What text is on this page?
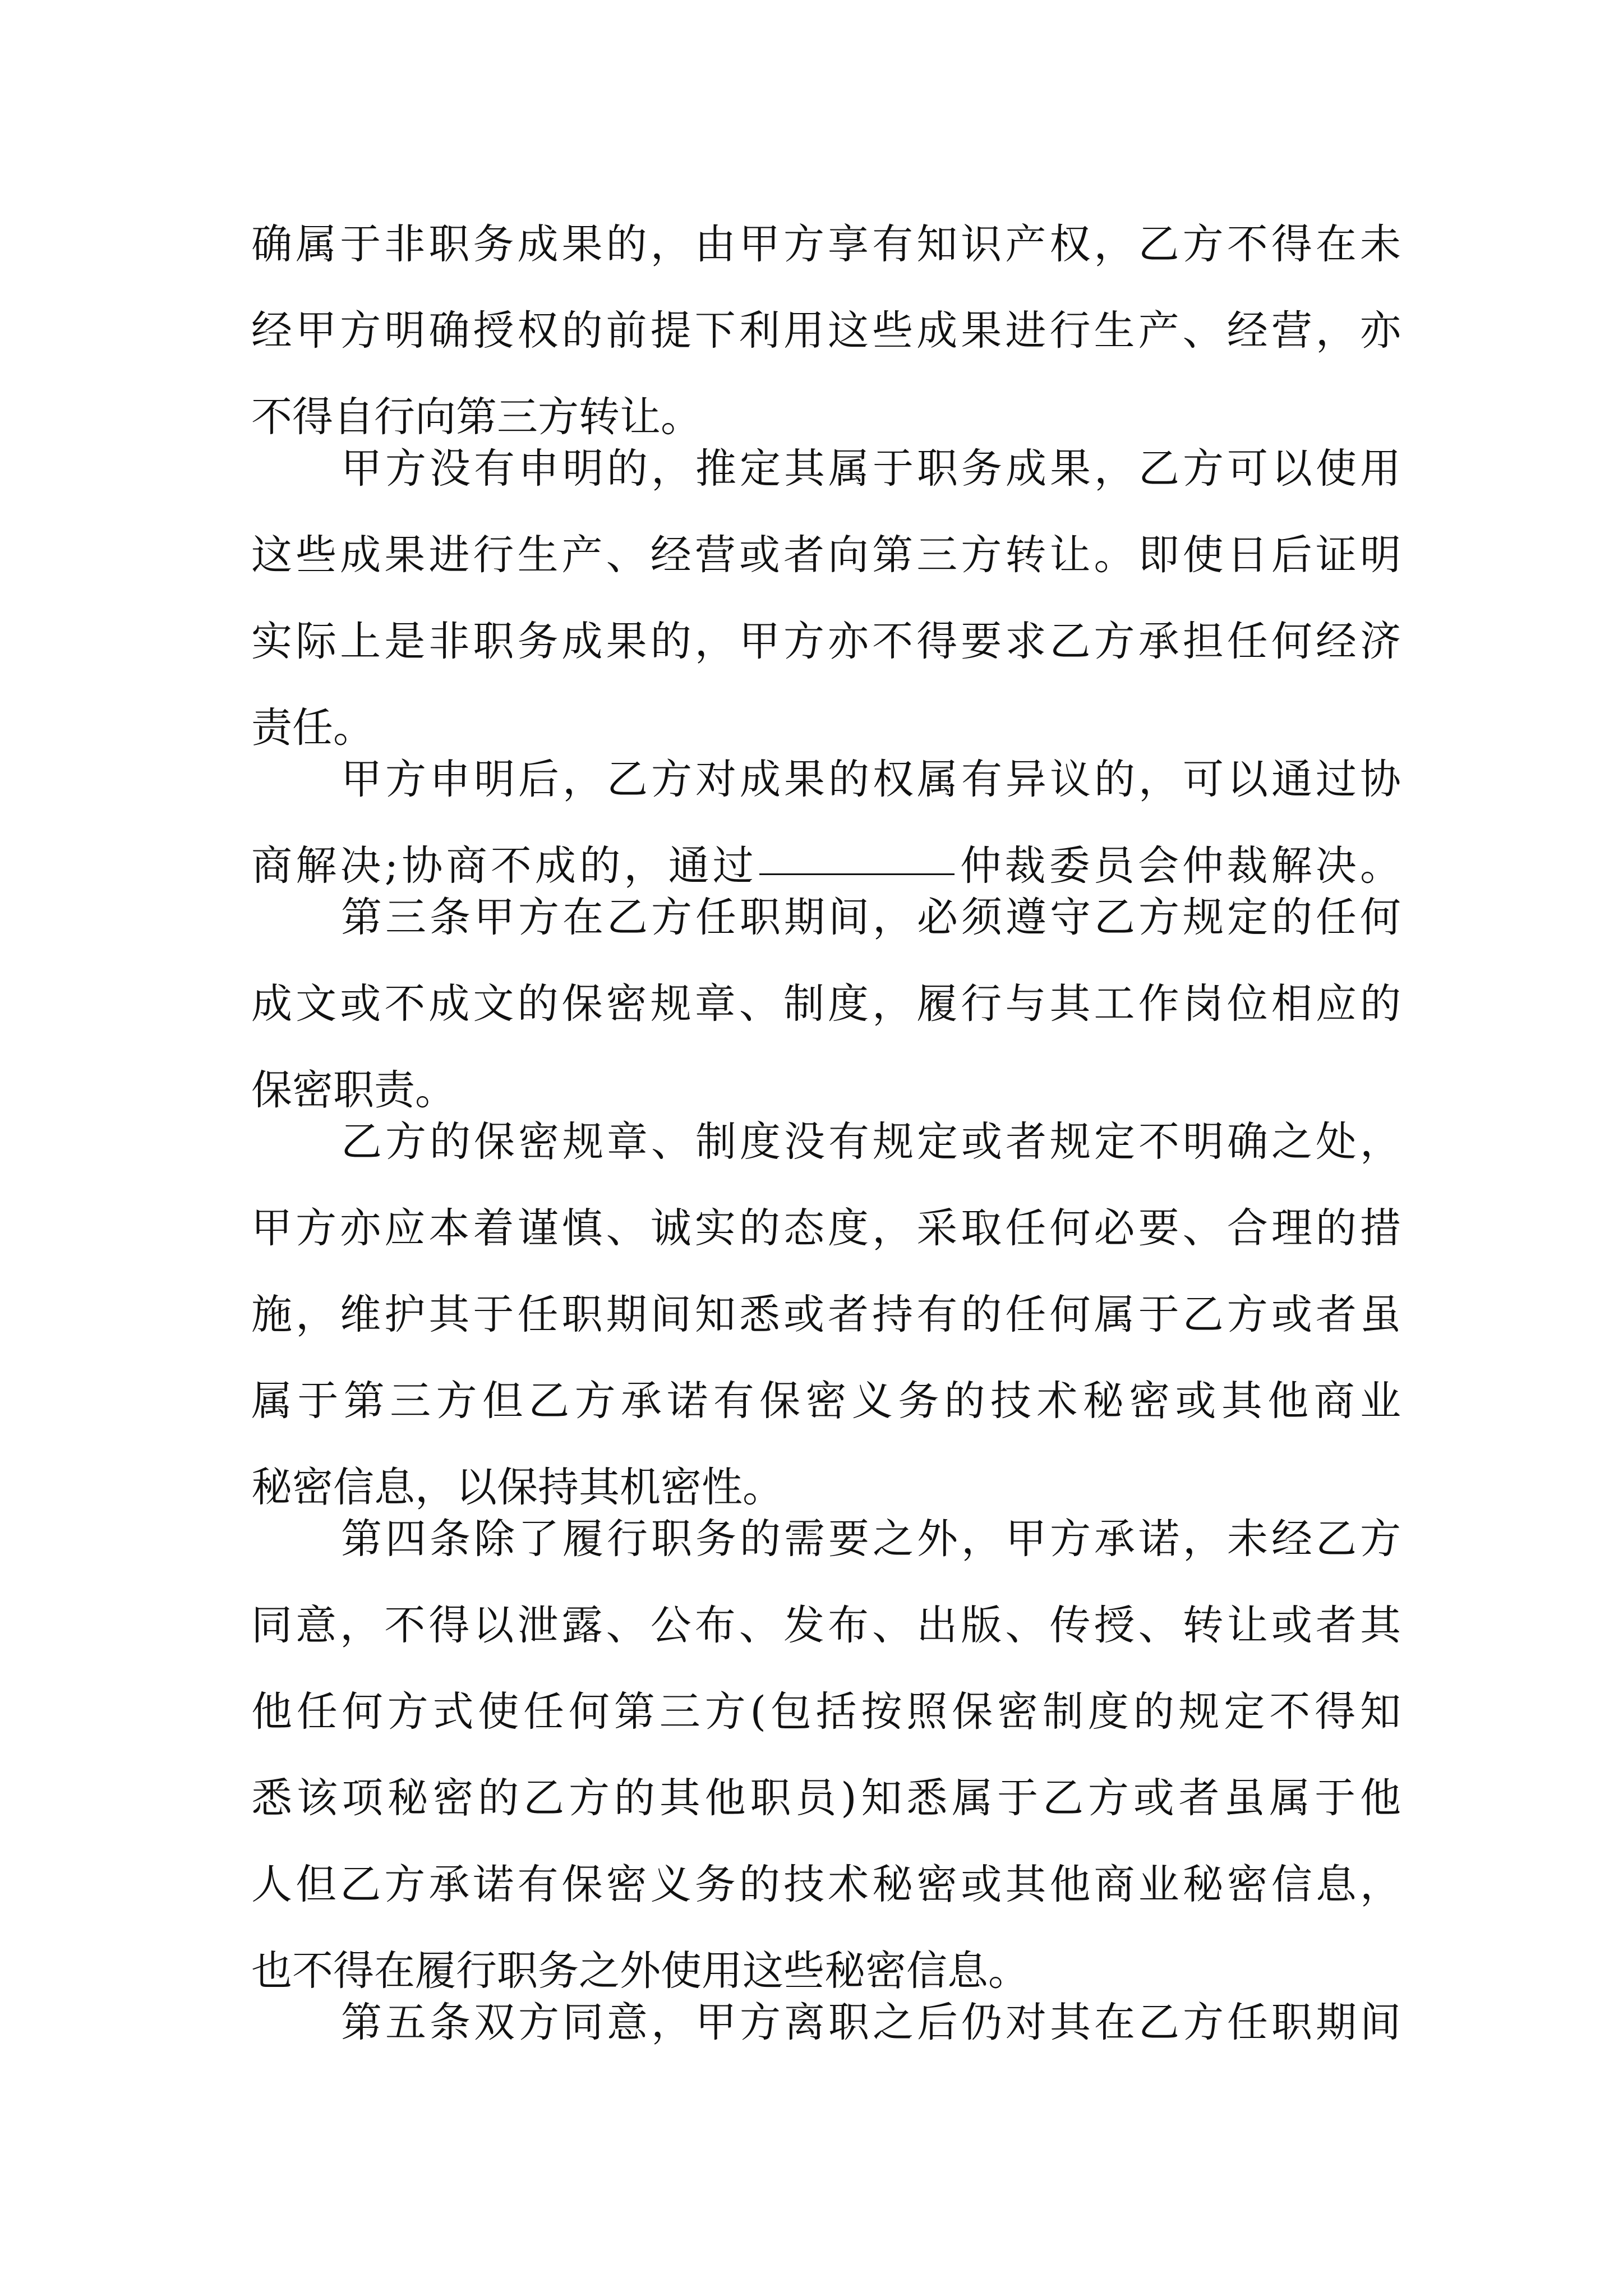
确属于非职务成果的，由甲方享有知识产权，乙方不得在未
经甲方明确授权的前提下利用这些成果进行生产、经营，亦
不得自行向第三方转让。
甲方没有申明的，推定其属于职务成果，乙方可以使用
这些成果进行生产、经营或者向第三方转让。即使日后证明
实际上是非职务成果的，甲方亦不得要求乙方承担任何经济
责任。
甲方申明后，乙方对成果的权属有异议的，可以通过协
商解决;协商不成的，通过	仲裁委员会仲裁解决。
第三条甲方在乙方任职期间，必须遵守乙方规定的任何
成文或不成文的保密规章、制度，履行与其工作岗位相应的
保密职责。
乙方的保密规章、制度没有规定或者规定不明确之处，
甲方亦应本着谨慎、诚实的态度，采取任何必要、合理的措
施，维护其于任职期间知悉或者持有的任何属于乙方或者虽
属于第三方但乙方承诺有保密义务的技术秘密或其他商业
秘密信息，以保持其机密性。
第四条除了履行职务的需要之外，甲方承诺，未经乙方
同意，不得以泄露、公布、发布、出版、传授、转让或者其
他任何方式使任何第三方(包括按照保密制度的规定不得知
悉该项秘密的乙方的其他职员)知悉属于乙方或者虽属于他
人但乙方承诺有保密义务的技术秘密或其他商业秘密信息，
也不得在履行职务之外使用这些秘密信息。
第五条双方同意，甲方离职之后仍对其在乙方任职期间
